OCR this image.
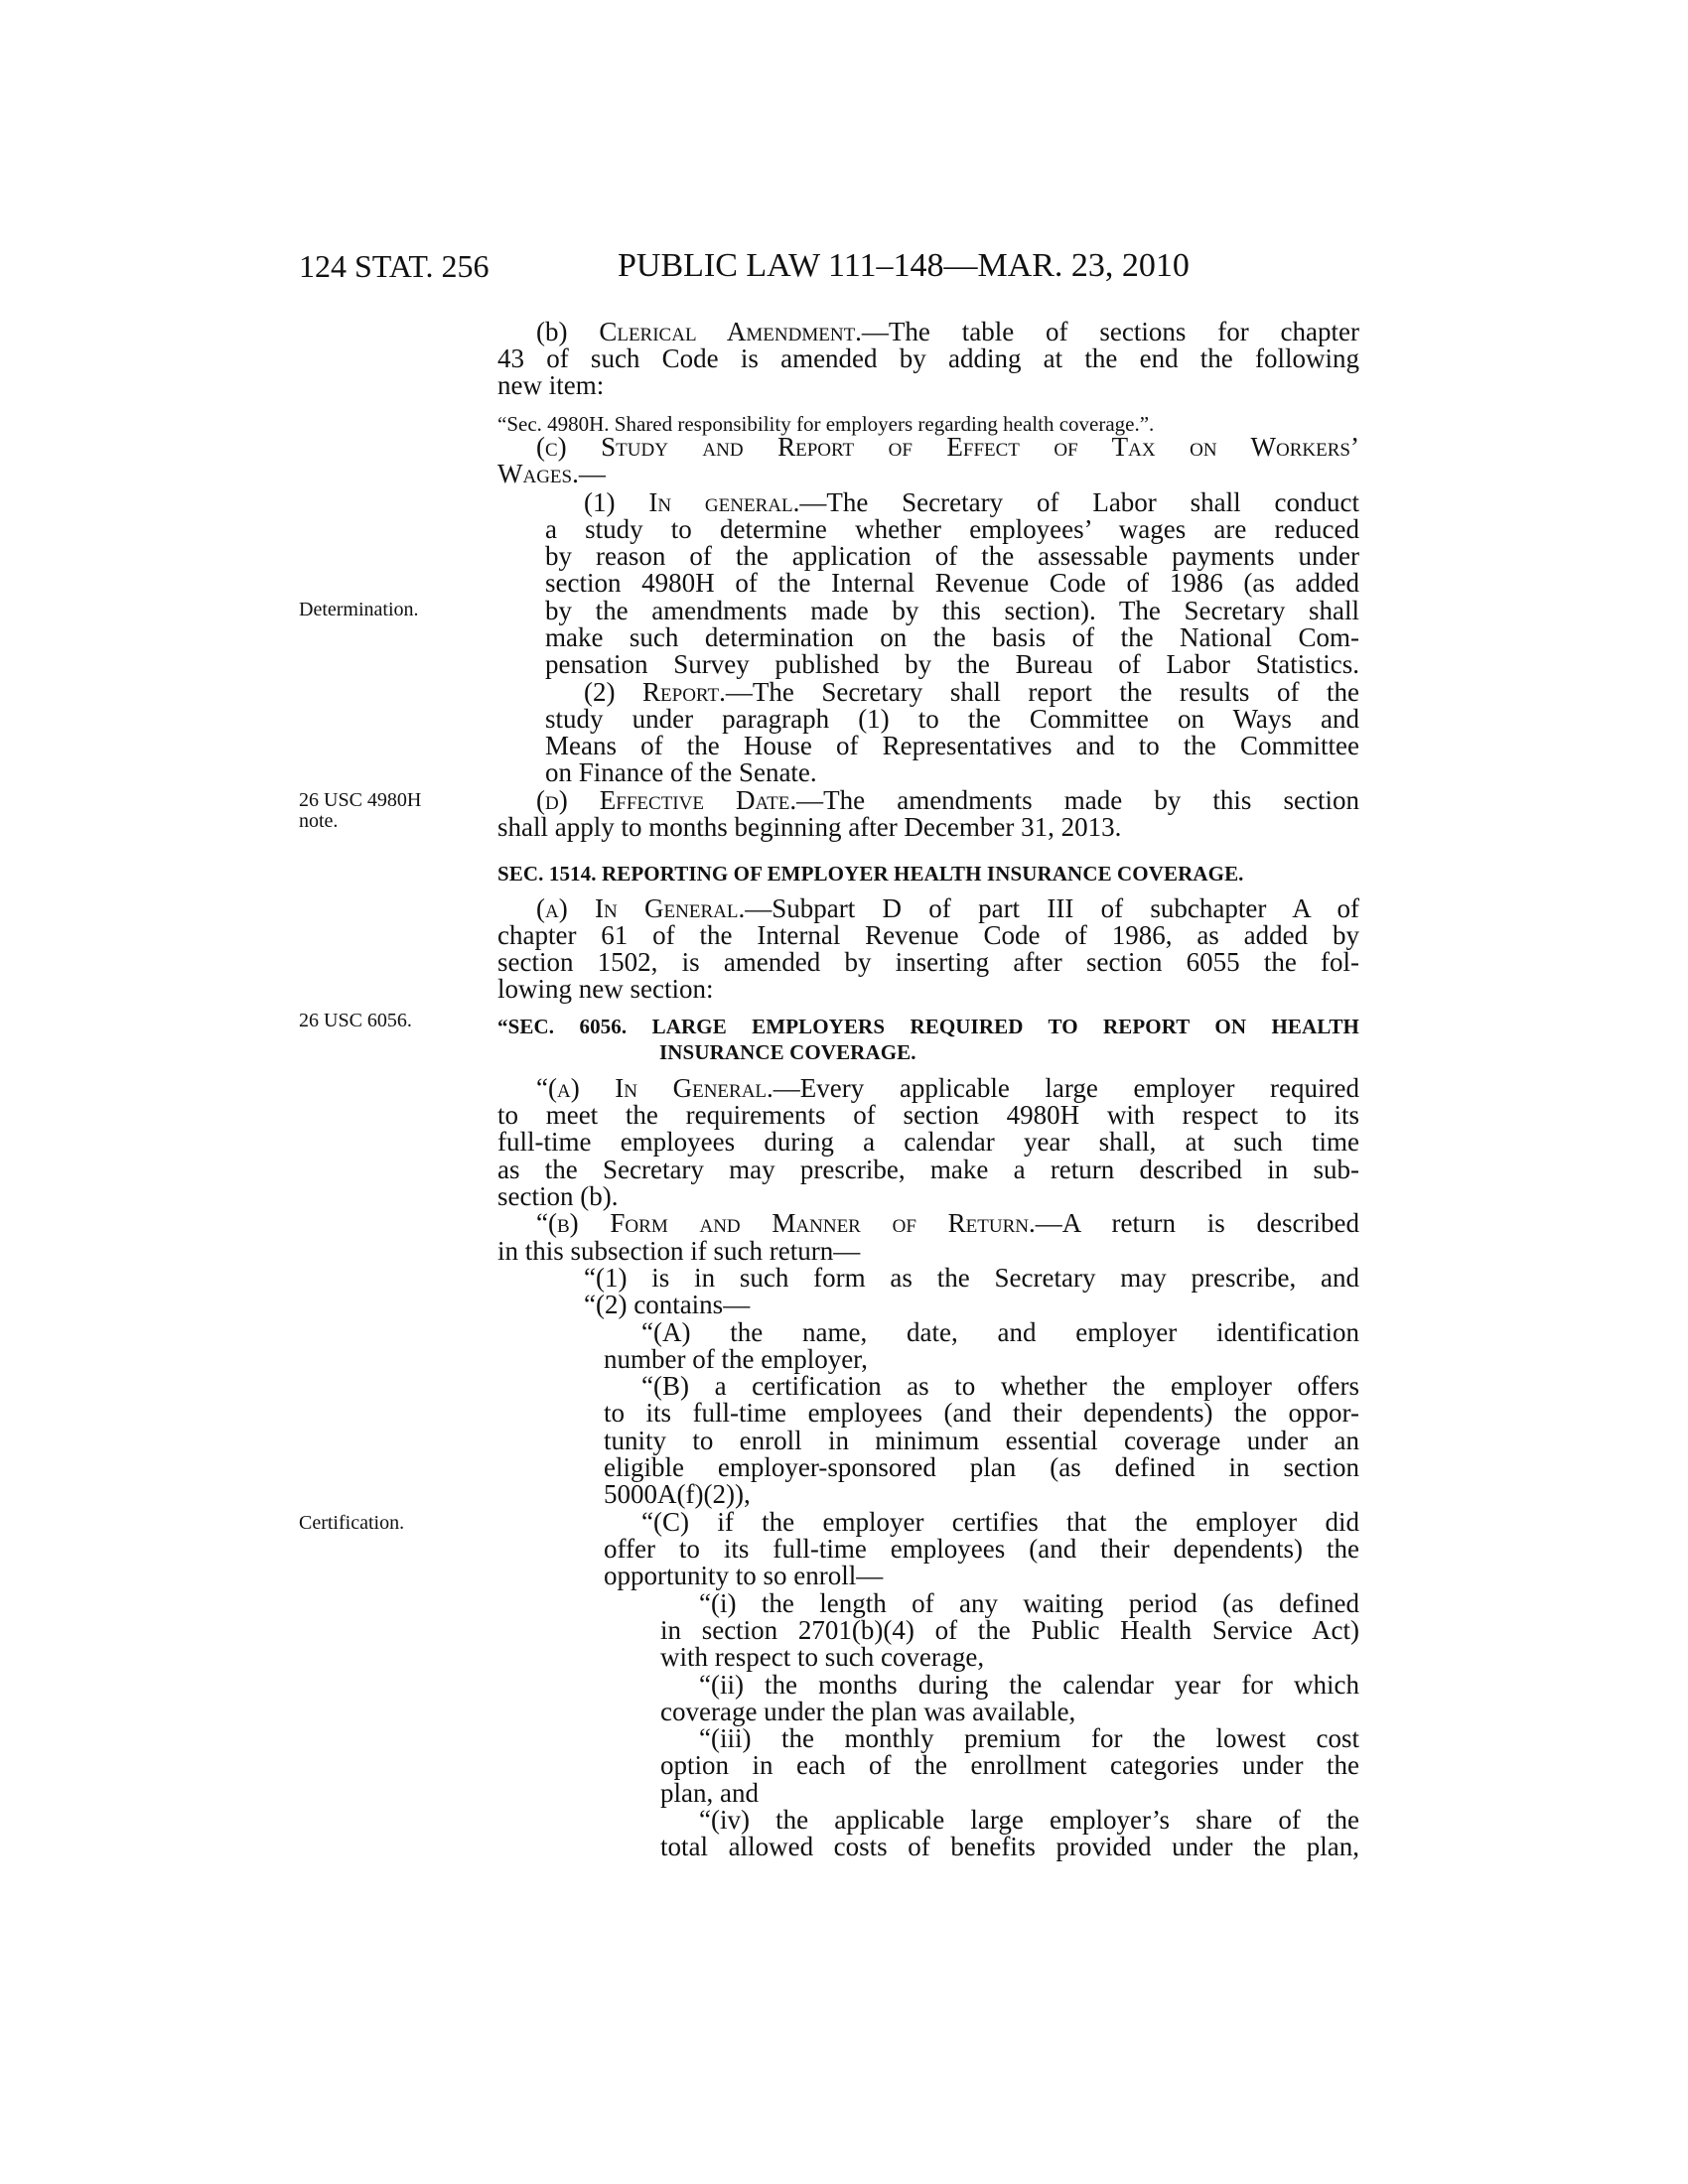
124 STAT. 256	PUBLIC LAW 111–148—MAR. 23, 2010
Determination.
26 USC 4980H
note.
26 USC 6056.
Certification.
(b) Clerical Amendment.—The table of sections for chapter
43 of such Code is amended by adding at the end the following
new item:
“Sec. 4980H. Shared responsibility for employers regarding health coverage.”.
(c) Study and Report of Effect of Tax on Workers’
Wages.—
(1) In general.—The Secretary of Labor shall conduct
a study to determine whether employees’ wages are reduced
by reason of the application of the assessable payments under
section 4980H of the Internal Revenue Code of 1986 (as added
by the amendments made by this section). The Secretary shall
make such determination on the basis of the National Com-
pensation Survey published by the Bureau of Labor Statistics.
(2) Report.—The Secretary shall report the results of the
study under paragraph (1) to the Committee on Ways and
Means of the House of Representatives and to the Committee
on Finance of the Senate.
(d) Effective Date.—The amendments made by this section
shall apply to months beginning after December 31, 2013.
SEC. 1514. REPORTING OF EMPLOYER HEALTH INSURANCE COVERAGE.
(a) In General.—Subpart D of part III of subchapter A of
chapter 61 of the Internal Revenue Code of 1986, as added by
section 1502, is amended by inserting after section 6055 the fol-
lowing new section:
“SEC. 6056. LARGE EMPLOYERS REQUIRED TO REPORT ON HEALTH
INSURANCE COVERAGE.
“(a) In General.—Every applicable large employer required
to meet the requirements of section 4980H with respect to its
full-time employees during a calendar year shall, at such time
as the Secretary may prescribe, make a return described in sub-
section (b).
“(b) Form and Manner of Return.—A return is described
in this subsection if such return—
“(1) is in such form as the Secretary may prescribe, and
“(2) contains—
“(A) the name, date, and employer identification
number of the employer,
“(B) a certification as to whether the employer offers
to its full-time employees (and their dependents) the oppor-
tunity to enroll in minimum essential coverage under an
eligible employer-sponsored plan (as defined in section
5000A(f)(2)),
“(C) if the employer certifies that the employer did
offer to its full-time employees (and their dependents) the
opportunity to so enroll—
“(i) the length of any waiting period (as defined
in section 2701(b)(4) of the Public Health Service Act)
with respect to such coverage,
“(ii) the months during the calendar year for which
coverage under the plan was available,
“(iii) the monthly premium for the lowest cost
option in each of the enrollment categories under the
plan, and
“(iv) the applicable large employer’s share of the
total allowed costs of benefits provided under the plan,
